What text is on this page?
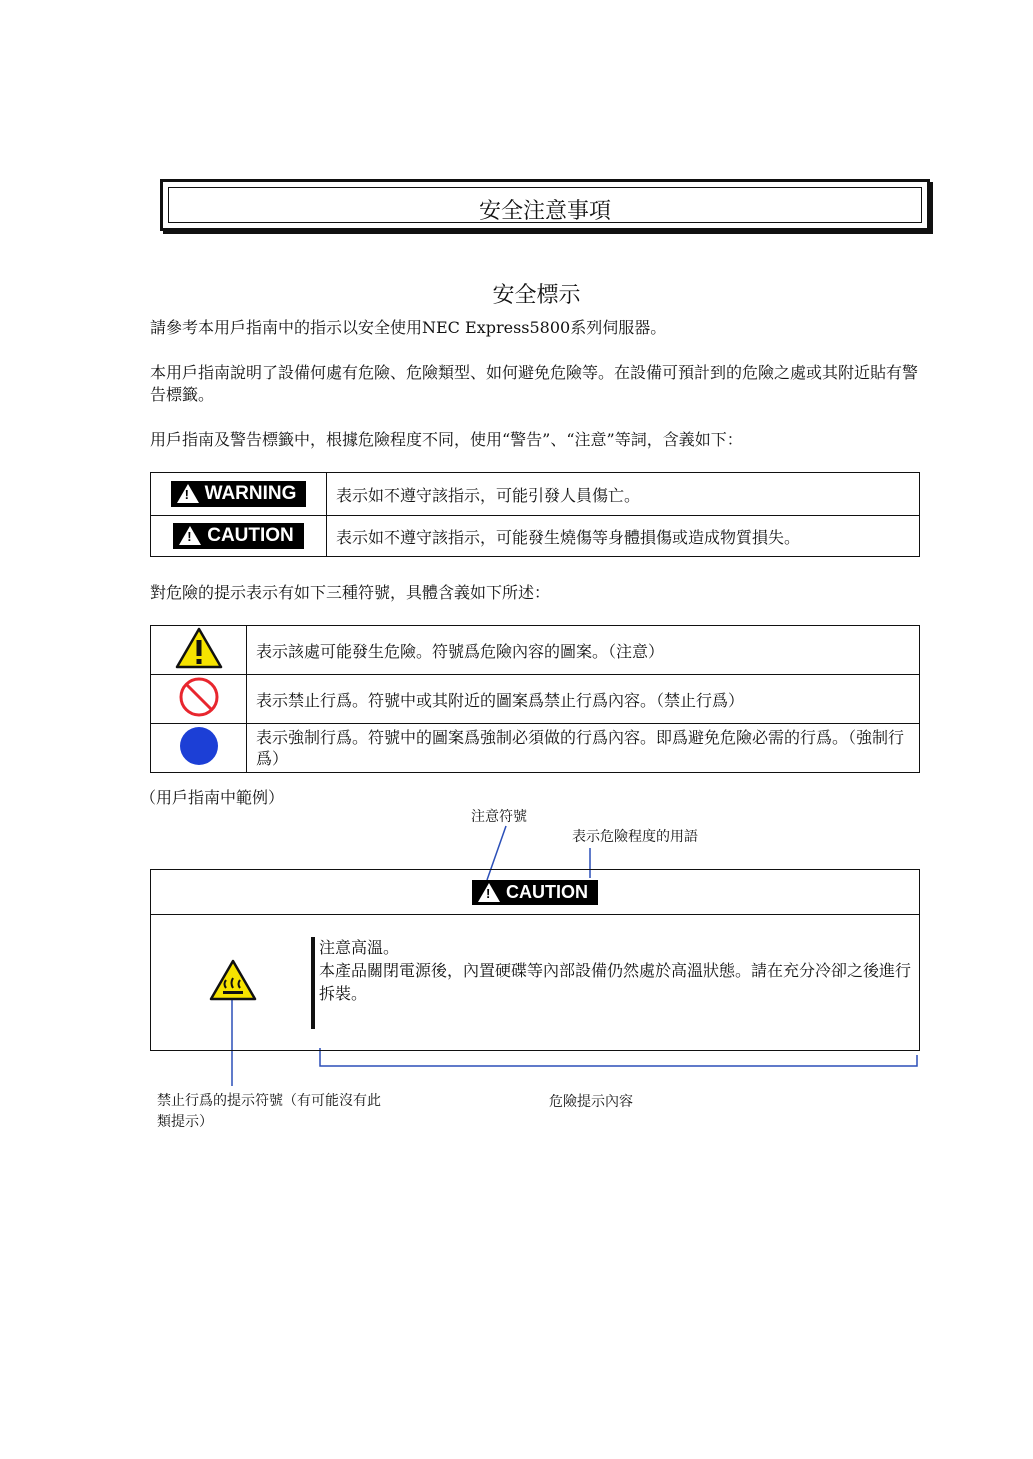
安全注意事項
安全標示
請參考本用戶指南中的指示以安全使用NEC Express5800系列伺服器。
本用戶指南說明了設備何處有危險、危險類型、如何避免危險等。在設備可預計到的危險之處或其附近貼有警告標籤。
用戶指南及警告標籤中，根據危險程度不同，使用“警告”、“注意”等詞，含義如下：
!
WARNING	表示如不遵守該指示，可能引發人員傷亡。

!
CAUTION	表示如不遵守該指示，可能發生燒傷等身體損傷或造成物質損失。
對危險的提示表示有如下三種符號，具體含義如下所述：
	表示該處可能發生危險。符號爲危險內容的圖案。（注意）
	表示禁止行爲。符號中或其附近的圖案爲禁止行爲內容。（禁止行爲）
	表示強制行爲。符號中的圖案爲強制必須做的行爲內容。即爲避免危險必需的行爲。（強制行爲）
（用戶指南中範例）
注意符號
表示危險程度的用語
!
CAUTION
注意高溫。
本產品關閉電源後，內置硬碟等內部設備仍然處於高溫狀態。請在充分冷卻之後進行拆裝。
禁止行爲的提示符號（有可能沒有此類提示）
危險提示內容
